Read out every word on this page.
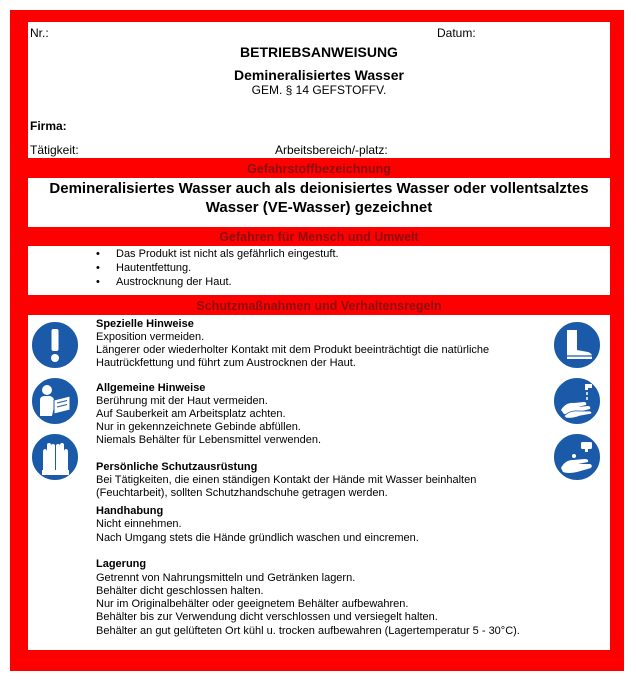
Nr.:	Datum:
BETRIEBSANWEISUNG
Demineralisiertes Wasser
GEM. § 14 GEFSTOFFV.
Firma:
Tätigkeit:	Arbeitsbereich/-platz:
Gefahrstoffbezeichnung
Demineralisiertes Wasser auch als deionisiertes Wasser oder vollentsalztes
Wasser (VE-Wasser) gezeichnet
Gefahren für Mensch und Umwelt
• Das Produkt ist nicht als gefährlich eingestuft.
• Hautentfettung.
• Austrocknung der Haut.
Schutzmaßnahmen und Verhaltensregeln
Spezielle Hinweise
Exposition vermeiden.
Längerer oder wiederholter Kontakt mit dem Produkt beeinträchtigt die natürliche
Hautrückfettung und führt zum Austrocknen der Haut.
Allgemeine Hinweise
Berührung mit der Haut vermeiden.
Auf Sauberkeit am Arbeitsplatz achten.
Nur in gekennzeichnete Gebinde abfüllen.
Niemals Behälter für Lebensmittel verwenden.
Persönliche Schutzausrüstung
Bei Tätigkeiten, die einen ständigen Kontakt der Hände mit Wasser beinhalten
(Feuchtarbeit), sollten Schutzhandschuhe getragen werden.
Handhabung
Nicht einnehmen.
Nach Umgang stets die Hände gründlich waschen und eincremen.
Lagerung
Getrennt von Nahrungsmitteln und Getränken lagern.
Behälter dicht geschlossen halten.
Nur im Originalbehälter oder geeignetem Behälter aufbewahren.
Behälter bis zur Verwendung dicht verschlossen und versiegelt halten.
Behälter an gut gelüfteten Ort kühl u. trocken aufbewahren (Lagertemperatur 5 - 30°C).
